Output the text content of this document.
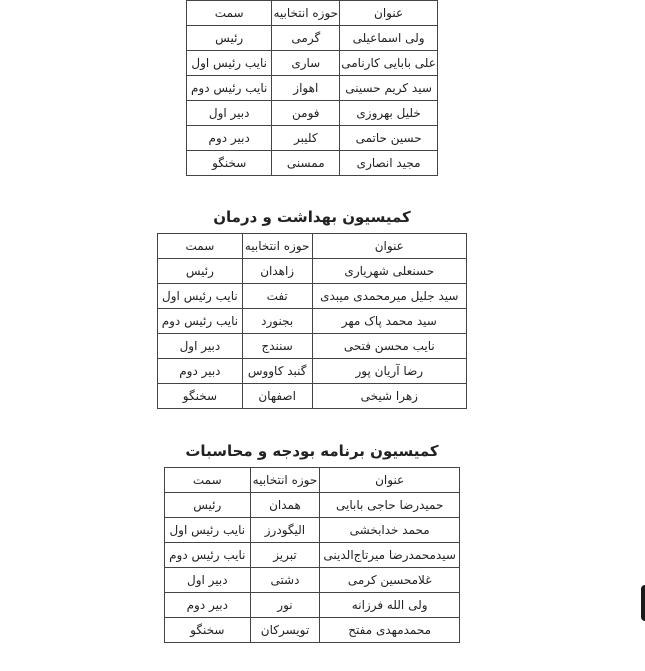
عنوان	حوزه انتخابیه	سمت
ولی اسماعیلی	گرمی	رئیس
علی بابایی کارنامی	ساری	نایب رئیس اول
سید کریم حسینی	اهواز	نایب رئیس دوم
خلیل بهروزی	فومن	دبیر اول
حسین حاتمی	کلیبر	دبیر دوم
مجید انصاری	ممسنی	سخنگو
کمیسیون بهداشت و درمان
عنوان	حوزه انتخابیه	سمت
حسنعلی شهریاری	زاهدان	رئیس
سید جلیل میرمحمدی میبدی	تفت	نایب رئیس اول
سید محمد پاک مهر	بجنورد	نایب رئیس دوم
نایب محسن فتحی	سنندج	دبیر اول
رضا آریان پور	گنبد کاووس	دبیر دوم
زهرا شیخی	اصفهان	سخنگو
کمیسیون برنامه بودجه و محاسبات
عنوان	حوزه انتخابیه	سمت
حمیدرضا حاجی بابایی	همدان	رئیس
محمد خدابخشی	الیگودرز	نایب رئیس اول
سیدمحمدرضا میرتاج‌الدینی	تبریز	نایب رئیس دوم
غلامحسین کرمی	دشتی	دبیر اول
ولی الله فرزانه	نور	دبیر دوم
محمدمهدی مفتح	تویسرکان	سخنگو
